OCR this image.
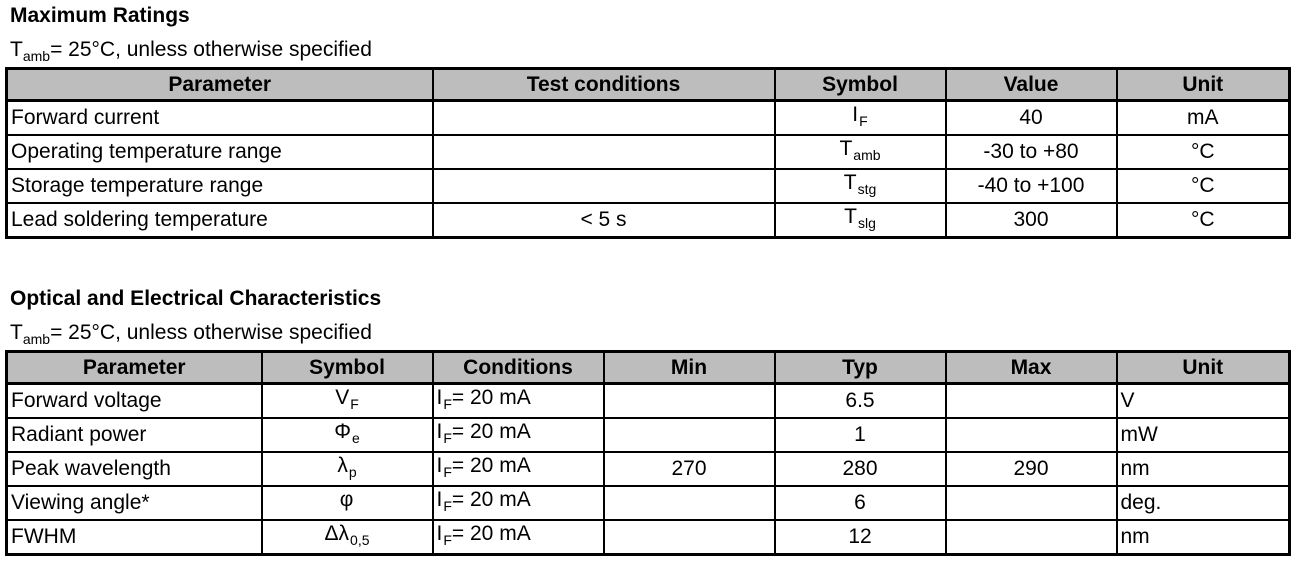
Maximum Ratings
$T_{amb}= 25^\circ C$, unless otherwise specified
Parameter	Test conditions	Symbol	Value	Unit
Forward current		$I_F$	40	mA
Operating temperature range		$T_{amb}$	-30 to +80	°C
Storage temperature range		$T_{stg}$	-40 to +100	°C
Lead soldering temperature	< 5 s	$T_{slg}$	300	°C
Optical and Electrical Characteristics
$T_{amb}= 25^\circ C$, unless otherwise specified
Parameter	Symbol	Conditions	Min	Typ	Max	Unit
Forward voltage	$V_F$	$I_F= 20$ mA		6.5		V
Radiant power	$\Phi_e$	$I_F= 20$ mA		1		mW
Peak wavelength	$\lambda_p$	$I_F= 20$ mA	270	280	290	nm
Viewing angle*	φ	$I_F= 20$ mA		6		deg.
FWHM	$\Delta\lambda_{0,5}$	$I_F= 20$ mA		12		nm
